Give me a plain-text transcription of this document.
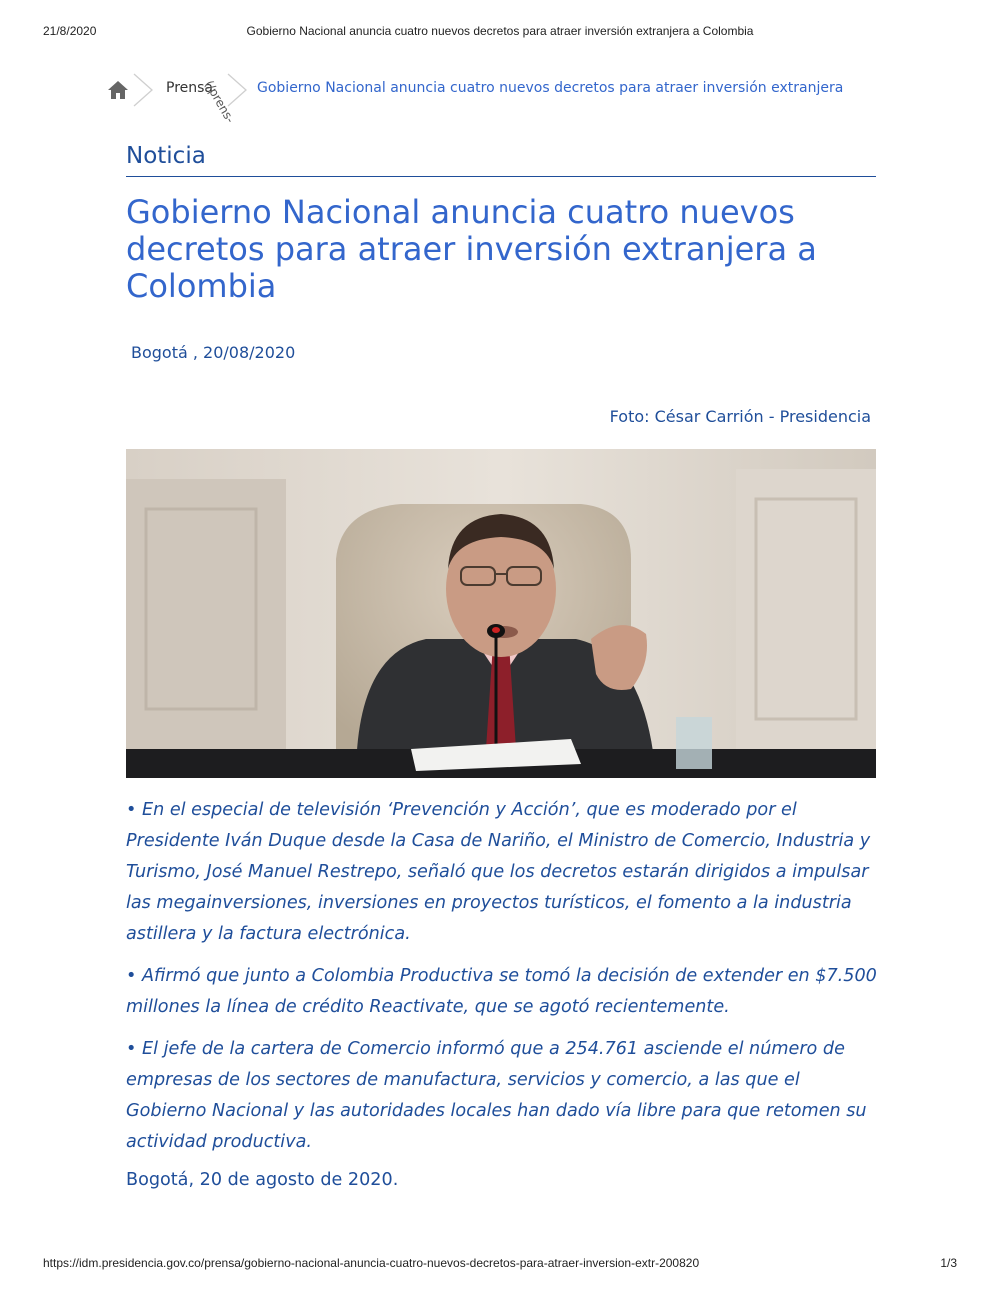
21/8/2020	Gobierno Nacional anuncia cuatro nuevos decretos para atraer inversión extranjera a Colombia
Prensa
(/prens- Gobierno Nacional anuncia cuatro nuevos decretos para atraer inversión extranjera
Noticia
Gobierno Nacional anuncia cuatro nuevos decretos para atraer inversión extranjera a Colombia
Bogotá , 20/08/2020
Foto: César Carrión - Presidencia

• En el especial de televisión ‘Prevención y Acción’, que es moderado por el Presidente Iván Duque desde la Casa de Nariño, el Ministro de Comercio, Industria y Turismo, José Manuel Restrepo, señaló que los decretos estarán dirigidos a impulsar las megainversiones, inversiones en proyectos turísticos, el fomento a la industria astillera y la factura electrónica.

• Afirmó que junto a Colombia Productiva se tomó la decisión de extender en $7.500 millones la línea de crédito Reactivate, que se agotó recientemente.

• El jefe de la cartera de Comercio informó que a 254.761 asciende el número de empresas de los sectores de manufactura, servicios y comercio, a las que el Gobierno Nacional y las autoridades locales han dado vía libre para que retomen su actividad productiva.

Bogotá, 20 de agosto de 2020.
https://idm.presidencia.gov.co/prensa/gobierno-nacional-anuncia-cuatro-nuevos-decretos-para-atraer-inversion-extr-200820	1/3
